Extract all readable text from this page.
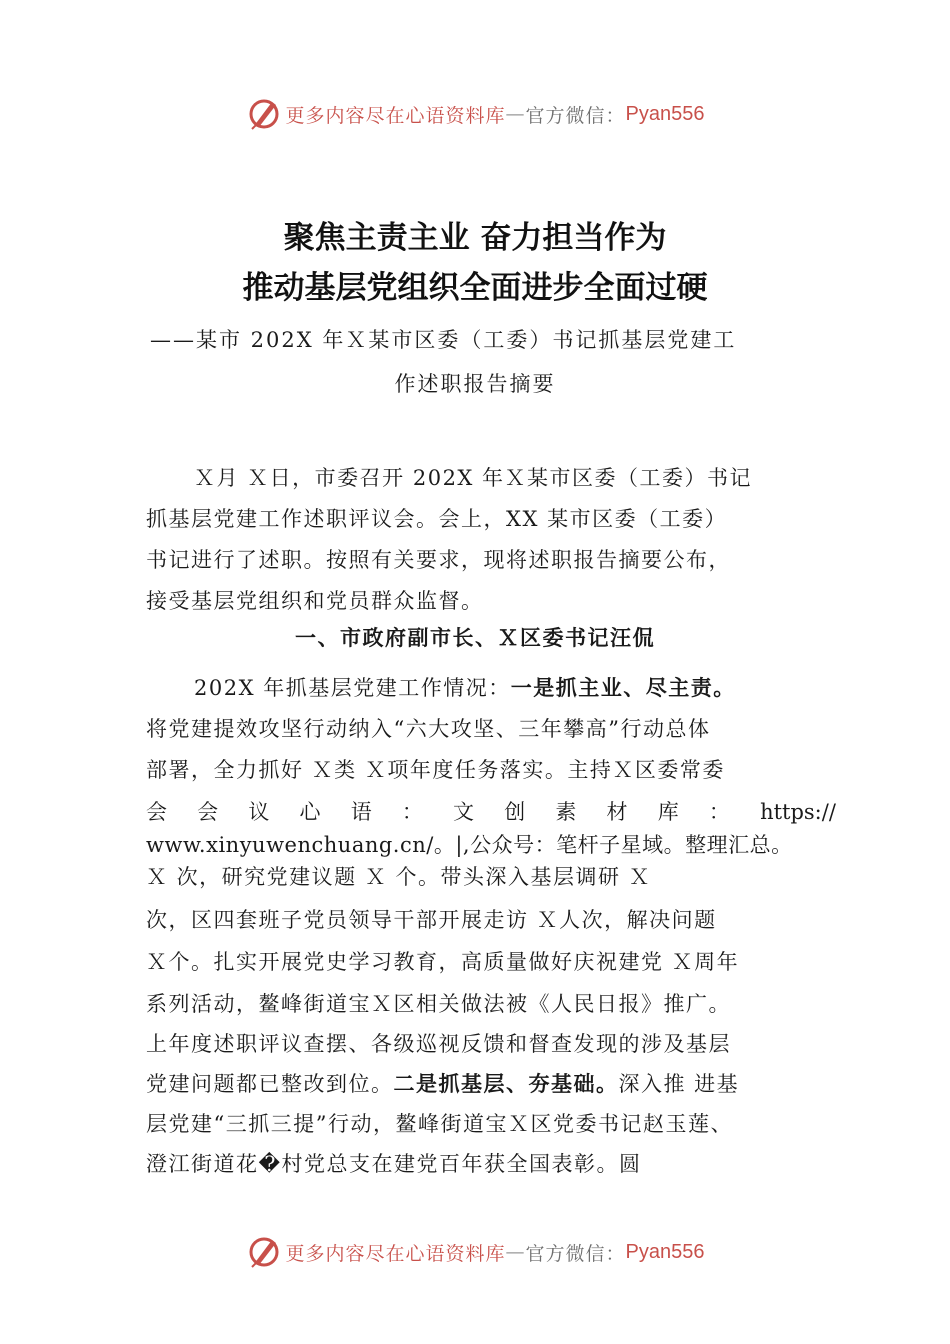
更多内容尽在心语资料库 — 官方微信： Pyan556
聚焦主责主业 奋力担当作为
推动基层党组织全面进步全面过硬
——某市 202X 年Ｘ某市区委（工委）书记抓基层党建工
作述职报告摘要
Ｘ月 Ｘ日，市委召开 202X 年Ｘ某市区委（工委）书记
抓基层党建工作述职评议会。会上，XX 某市区委（工委）
书记进行了述职。按照有关要求，现将述职报告摘要公布，
接受基层党组织和党员群众监督。
一、市政府副市长、Ｘ区委书记汪侃
202X 年抓基层党建工作情况：一是抓主业、尽主责。
将党建提效攻坚行动纳入“六大攻坚、三年攀高”行动总体
部署，全力抓好 Ｘ类 Ｘ项年度任务落实。主持Ｘ区委常委
会 会 议 心 语 ： 文 创 素 材 库 ： https://
www.xinyuwenchuang.cn/。|,公众号：笔杆子星域。整理汇总。
Ｘ 次，研究党建议题 Ｘ 个。带头深入基层调研 Ｘ
次，区四套班子党员领导干部开展走访 Ｘ人次，解决问题
Ｘ个。扎实开展党史学习教育，高质量做好庆祝建党 Ｘ周年
系列活动，鳌峰街道宝Ｘ区相关做法被《人民日报》推广。
上年度述职评议查摆、各级巡视反馈和督查发现的涉及基层
党建问题都已整改到位。二是抓基层、夯基础。深入推 进基
层党建“三抓三提”行动，鳌峰街道宝Ｘ区党委书记赵玉莲、
澄江街道花�村党总支在建党百年获全国表彰。圆
更多内容尽在心语资料库 — 官方微信： Pyan556
